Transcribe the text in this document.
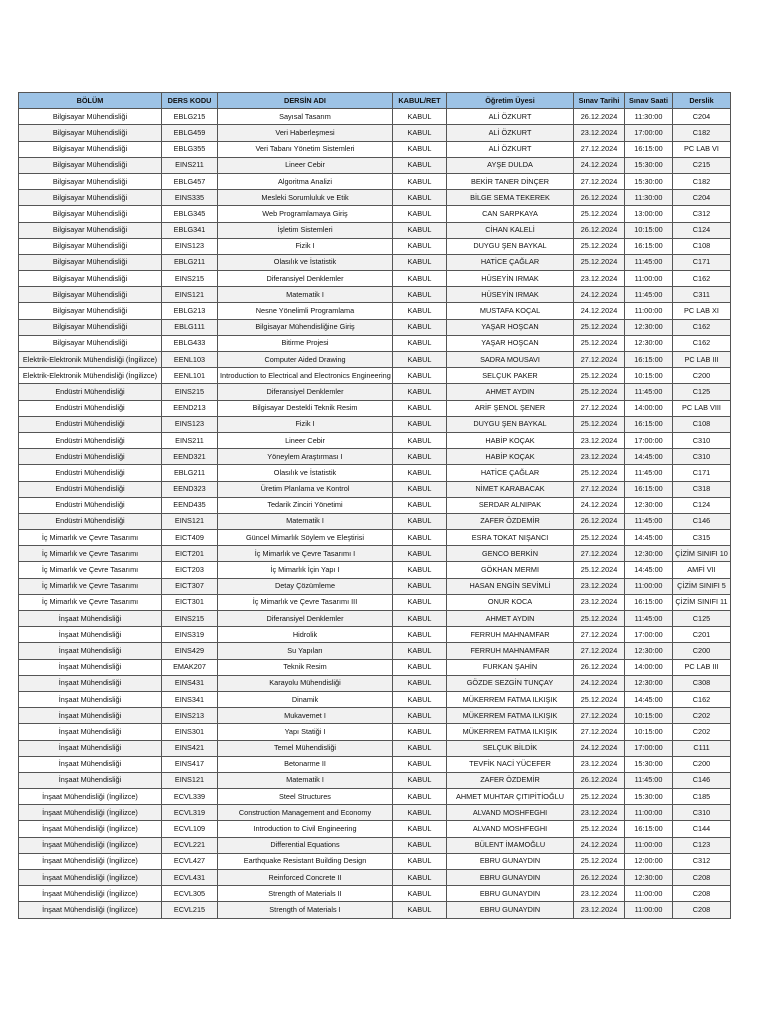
BÖLÜM	DERS KODU	DERSİN ADI	KABUL/RET	Öğretim Üyesi	Sınav Tarihi	Sınav Saati	Derslik
Bilgisayar Mühendisliği	EBLG215	Sayısal Tasarım	KABUL	ALİ ÖZKURT	26.12.2024	11:30:00	C204
Bilgisayar Mühendisliği	EBLG459	Veri Haberleşmesi	KABUL	ALİ ÖZKURT	23.12.2024	17:00:00	C182
Bilgisayar Mühendisliği	EBLG355	Veri Tabanı Yönetim Sistemleri	KABUL	ALİ ÖZKURT	27.12.2024	16:15:00	PC LAB VI
Bilgisayar Mühendisliği	EINS211	Lineer Cebir	KABUL	AYŞE DULDA	24.12.2024	15:30:00	C215
Bilgisayar Mühendisliği	EBLG457	Algoritma Analizi	KABUL	BEKİR TANER DİNÇER	27.12.2024	15:30:00	C182
Bilgisayar Mühendisliği	EINS335	Mesleki Sorumluluk ve Etik	KABUL	BİLGE SEMA TEKEREK	26.12.2024	11:30:00	C204
Bilgisayar Mühendisliği	EBLG345	Web Programlamaya Giriş	KABUL	CAN SARPKAYA	25.12.2024	13:00:00	C312
Bilgisayar Mühendisliği	EBLG341	İşletim Sistemleri	KABUL	CİHAN KALELİ	26.12.2024	10:15:00	C124
Bilgisayar Mühendisliği	EINS123	Fizik I	KABUL	DUYGU ŞEN BAYKAL	25.12.2024	16:15:00	C108
Bilgisayar Mühendisliği	EBLG211	Olasılık ve İstatistik	KABUL	HATİCE ÇAĞLAR	25.12.2024	11:45:00	C171
Bilgisayar Mühendisliği	EINS215	Diferansiyel Denklemler	KABUL	HÜSEYİN IRMAK	23.12.2024	11:00:00	C162
Bilgisayar Mühendisliği	EINS121	Matematik I	KABUL	HÜSEYİN IRMAK	24.12.2024	11:45:00	C311
Bilgisayar Mühendisliği	EBLG213	Nesne Yönelimli Programlama	KABUL	MUSTAFA KOÇAL	24.12.2024	11:00:00	PC LAB XI
Bilgisayar Mühendisliği	EBLG111	Bilgisayar Mühendisliğine Giriş	KABUL	YAŞAR HOŞCAN	25.12.2024	12:30:00	C162
Bilgisayar Mühendisliği	EBLG433	Bitirme Projesi	KABUL	YAŞAR HOŞCAN	25.12.2024	12:30:00	C162
Elektrik-Elektronik Mühendisliği (İngilizce)	EENL103	Computer Aided Drawing	KABUL	SADRA MOUSAVI	27.12.2024	16:15:00	PC LAB III
Elektrik-Elektronik Mühendisliği (İngilizce)	EENL101	Introduction to Electrical and Electronics Engineering	KABUL	SELÇUK PAKER	25.12.2024	10:15:00	C200
Endüstri Mühendisliği	EINS215	Diferansiyel Denklemler	KABUL	AHMET AYDIN	25.12.2024	11:45:00	C125
Endüstri Mühendisliği	EEND213	Bilgisayar Destekli Teknik Resim	KABUL	ARİF ŞENOL ŞENER	27.12.2024	14:00:00	PC LAB VIII
Endüstri Mühendisliği	EINS123	Fizik I	KABUL	DUYGU ŞEN BAYKAL	25.12.2024	16:15:00	C108
Endüstri Mühendisliği	EINS211	Lineer Cebir	KABUL	HABİP KOÇAK	23.12.2024	17:00:00	C310
Endüstri Mühendisliği	EEND321	Yöneylem Araştırması I	KABUL	HABİP KOÇAK	23.12.2024	14:45:00	C310
Endüstri Mühendisliği	EBLG211	Olasılık ve İstatistik	KABUL	HATİCE ÇAĞLAR	25.12.2024	11:45:00	C171
Endüstri Mühendisliği	EEND323	Üretim Planlama ve Kontrol	KABUL	NİMET KARABACAK	27.12.2024	16:15:00	C318
Endüstri Mühendisliği	EEND435	Tedarik Zinciri Yönetimi	KABUL	SERDAR ALNIPAK	24.12.2024	12:30:00	C124
Endüstri Mühendisliği	EINS121	Matematik I	KABUL	ZAFER ÖZDEMİR	26.12.2024	11:45:00	C146
İç Mimarlık ve Çevre Tasarımı	EICT409	Güncel Mimarlık Söylem ve Eleştirisi	KABUL	ESRA TOKAT NIŞANCI	25.12.2024	14:45:00	C315
İç Mimarlık ve Çevre Tasarımı	EICT201	İç Mimarlık ve Çevre Tasarımı I	KABUL	GENCO BERKİN	27.12.2024	12:30:00	ÇİZİM SINIFI 10
İç Mimarlık ve Çevre Tasarımı	EICT203	İç Mimarlık İçin Yapı I	KABUL	GÖKHAN MERMI	25.12.2024	14:45:00	AMFİ VII
İç Mimarlık ve Çevre Tasarımı	EICT307	Detay Çözümleme	KABUL	HASAN ENGİN SEVİMLİ	23.12.2024	11:00:00	ÇİZİM SINIFI 5
İç Mimarlık ve Çevre Tasarımı	EICT301	İç Mimarlık ve Çevre Tasarımı III	KABUL	ONUR KOCA	23.12.2024	16:15:00	ÇİZİM SINIFI 11
İnşaat Mühendisliği	EINS215	Diferansiyel Denklemler	KABUL	AHMET AYDIN	25.12.2024	11:45:00	C125
İnşaat Mühendisliği	EINS319	Hidrolik	KABUL	FERRUH MAHNAMFAR	27.12.2024	17:00:00	C201
İnşaat Mühendisliği	EINS429	Su Yapıları	KABUL	FERRUH MAHNAMFAR	27.12.2024	12:30:00	C200
İnşaat Mühendisliği	EMAK207	Teknik Resim	KABUL	FURKAN ŞAHİN	26.12.2024	14:00:00	PC LAB III
İnşaat Mühendisliği	EINS431	Karayolu Mühendisliği	KABUL	GÖZDE SEZGİN TUNÇAY	24.12.2024	12:30:00	C308
İnşaat Mühendisliği	EINS341	Dinamik	KABUL	MÜKERREM FATMA ILKIŞIK	25.12.2024	14:45:00	C162
İnşaat Mühendisliği	EINS213	Mukavemet I	KABUL	MÜKERREM FATMA ILKIŞIK	27.12.2024	10:15:00	C202
İnşaat Mühendisliği	EINS301	Yapı Statiği I	KABUL	MÜKERREM FATMA ILKIŞIK	27.12.2024	10:15:00	C202
İnşaat Mühendisliği	EINS421	Temel Mühendisliği	KABUL	SELÇUK BİLDİK	24.12.2024	17:00:00	C111
İnşaat Mühendisliği	EINS417	Betonarme II	KABUL	TEVFİK NACİ YÜCEFER	23.12.2024	15:30:00	C200
İnşaat Mühendisliği	EINS121	Matematik I	KABUL	ZAFER ÖZDEMİR	26.12.2024	11:45:00	C146
İnşaat Mühendisliği (İngilizce)	ECVL339	Steel Structures	KABUL	AHMET MUHTAR ÇITIPİTİOĞLU	25.12.2024	15:30:00	C185
İnşaat Mühendisliği (İngilizce)	ECVL319	Construction Management and Economy	KABUL	ALVAND MOSHFEGHI	23.12.2024	11:00:00	C310
İnşaat Mühendisliği (İngilizce)	ECVL109	Introduction to Civil Engineering	KABUL	ALVAND MOSHFEGHI	25.12.2024	16:15:00	C144
İnşaat Mühendisliği (İngilizce)	ECVL221	Differential Equations	KABUL	BÜLENT İMAMOĞLU	24.12.2024	11:00:00	C123
İnşaat Mühendisliği (İngilizce)	ECVL427	Earthquake Resistant Building Design	KABUL	EBRU GUNAYDIN	25.12.2024	12:00:00	C312
İnşaat Mühendisliği (İngilizce)	ECVL431	Reinforced Concrete II	KABUL	EBRU GUNAYDIN	26.12.2024	12:30:00	C208
İnşaat Mühendisliği (İngilizce)	ECVL305	Strength of Materials II	KABUL	EBRU GUNAYDIN	23.12.2024	11:00:00	C208
İnşaat Mühendisliği (İngilizce)	ECVL215	Strength of Materials I	KABUL	EBRU GUNAYDIN	23.12.2024	11:00:00	C208
